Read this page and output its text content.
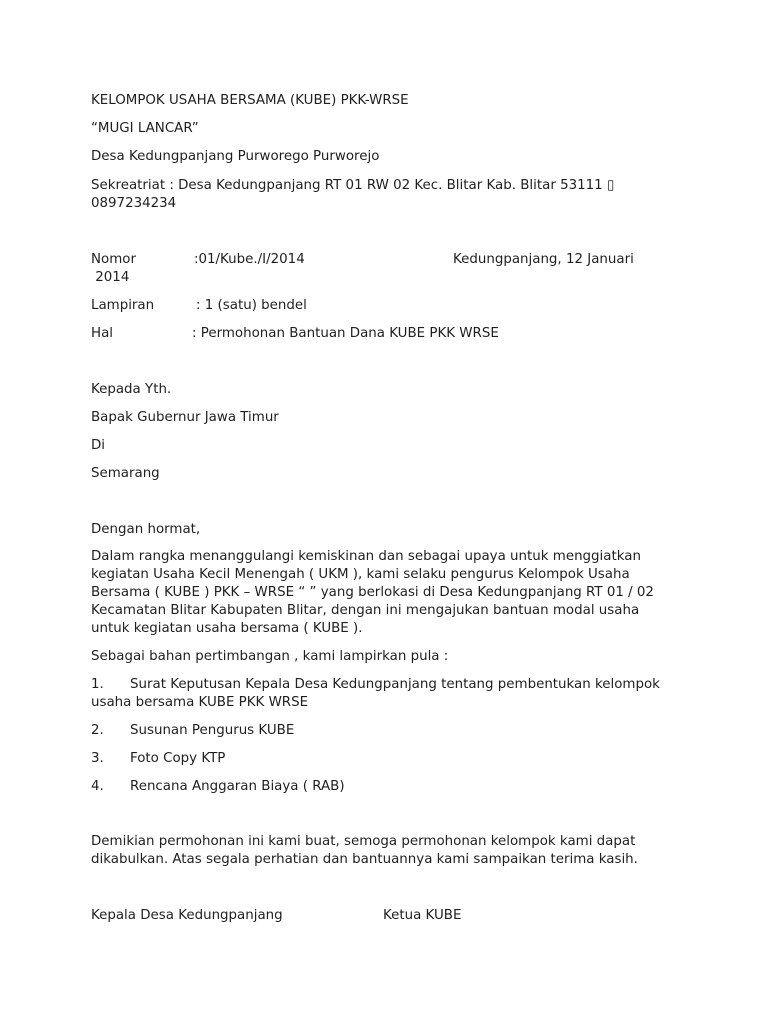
KELOMPOK USAHA BERSAMA (KUBE) PKK-WRSE

“MUGI LANCAR”

Desa Kedungpanjang Purworego Purworejo

Sekreatriat : Desa Kedungpanjang RT 01 RW 02 Kec. Blitar Kab. Blitar 53111 ▯

0897234234

Nomor	:01/Kube./I/2014	Kedungpanjang, 12 Januari

2014

Lampiran	: 1 (satu) bendel

Hal	: Permohonan Bantuan Dana KUBE PKK WRSE

Kepada Yth.

Bapak Gubernur Jawa Timur

Di

Semarang

Dengan hormat,

Dalam rangka menanggulangi kemiskinan dan sebagai upaya untuk menggiatkan

kegiatan Usaha Kecil Menengah ( UKM ), kami selaku pengurus Kelompok Usaha

Bersama ( KUBE ) PKK – WRSE “ ” yang berlokasi di Desa Kedungpanjang RT 01 / 02

Kecamatan Blitar Kabupaten Blitar, dengan ini mengajukan bantuan modal usaha

untuk kegiatan usaha bersama ( KUBE ).

Sebagai bahan pertimbangan , kami lampirkan pula :

1. Surat Keputusan Kepala Desa Kedungpanjang tentang pembentukan kelompok

usaha bersama KUBE PKK WRSE

2. Susunan Pengurus KUBE

3. Foto Copy KTP

4. Rencana Anggaran Biaya ( RAB)

Demikian permohonan ini kami buat, semoga permohonan kelompok kami dapat

dikabulkan. Atas segala perhatian dan bantuannya kami sampaikan terima kasih.

Kepala Desa Kedungpanjang	Ketua KUBE
